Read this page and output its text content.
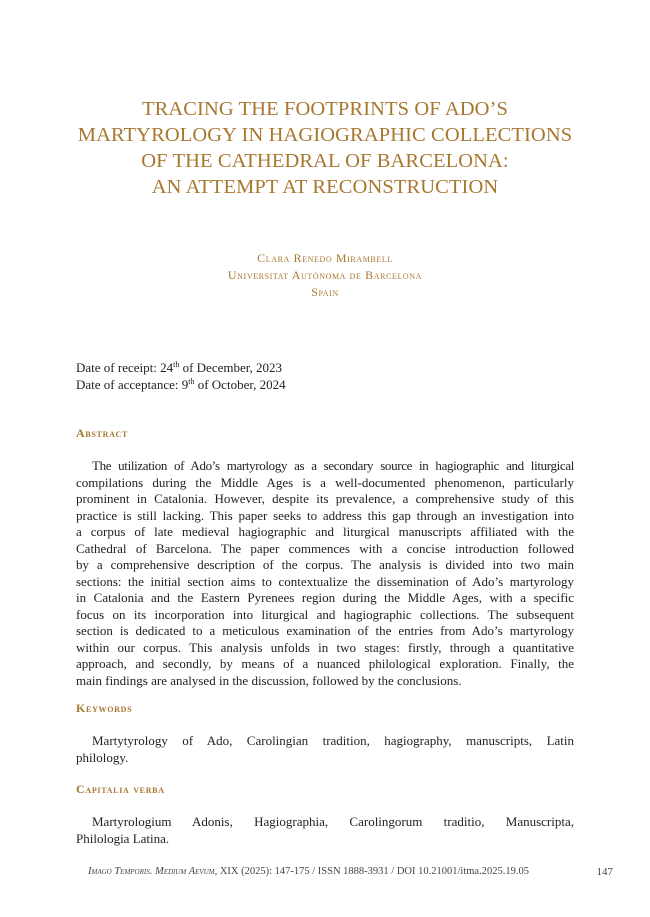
TRACING THE FOOTPRINTS OF ADO’S
MARTYROLOGY IN HAGIOGRAPHIC COLLECTIONS
OF THE CATHEDRAL OF BARCELONA:
AN ATTEMPT AT RECONSTRUCTION
Clara Renedo Mirambell
Universitat Autònoma de Barcelona
Spain
Date of receipt: 24th of December, 2023
Date of acceptance: 9th of October, 2024
Abstract
The utilization of Ado’s martyrology as a secondary source in hagiographic and liturgical
compilations during the Middle Ages is a well-documented phenomenon, particularly
prominent in Catalonia. However, despite its prevalence, a comprehensive study of this
practice is still lacking. This paper seeks to address this gap through an investigation into
a corpus of late medieval hagiographic and liturgical manuscripts affiliated with the
Cathedral of Barcelona. The paper commences with a concise introduction followed
by a comprehensive description of the corpus. The analysis is divided into two main
sections: the initial section aims to contextualize the dissemination of Ado’s martyrology
in Catalonia and the Eastern Pyrenees region during the Middle Ages, with a specific
focus on its incorporation into liturgical and hagiographic collections. The subsequent
section is dedicated to a meticulous examination of the entries from Ado’s martyrology
within our corpus. This analysis unfolds in two stages: firstly, through a quantitative
approach, and secondly, by means of a nuanced philological exploration. Finally, the
main findings are analysed in the discussion, followed by the conclusions.
Keywords
Martytyrology of Ado, Carolingian tradition, hagiography, manuscripts, Latin
philology.
Capitalia verba
Martyrologium Adonis, Hagiographia, Carolingorum traditio, Manuscripta,
Philologia Latina.
Imago Temporis. Medium Aevum, XIX (2025): 147-175 / ISSN 1888-3931 / DOI 10.21001/itma.2025.19.05	147
